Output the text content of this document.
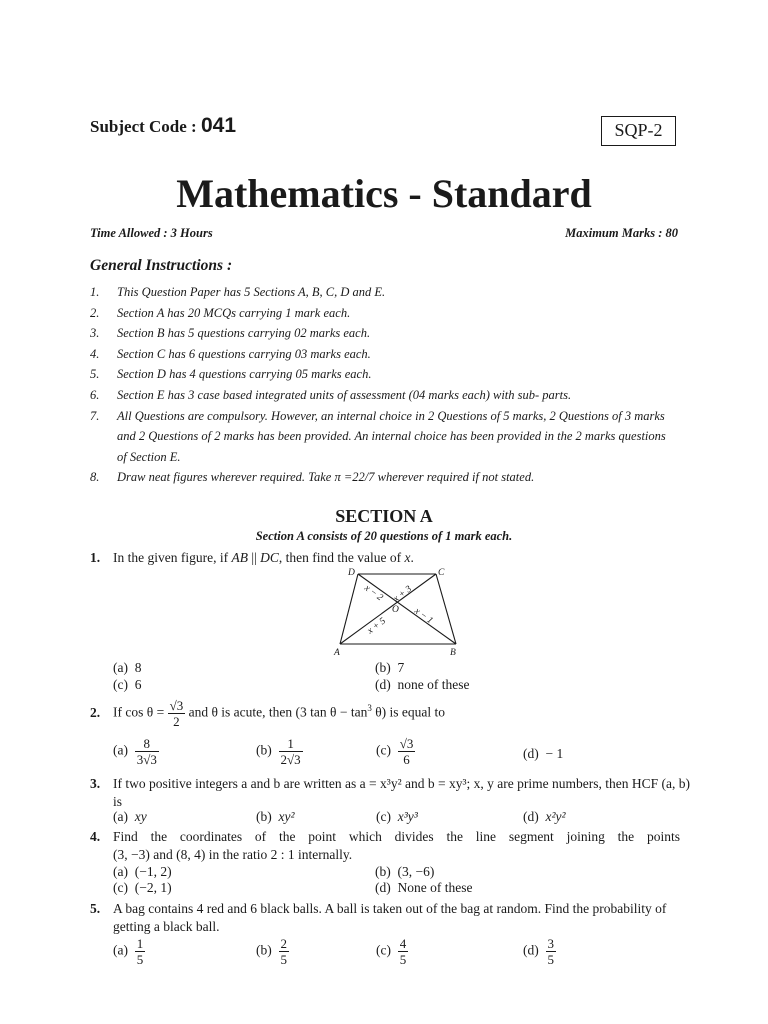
Subject Code : 041	SQP-2
Mathematics - Standard
Time Allowed : 3 Hours	Maximum Marks : 80
General Instructions :
1. This Question Paper has 5 Sections A, B, C, D and E.
2. Section A has 20 MCQs carrying 1 mark each.
3. Section B has 5 questions carrying 02 marks each.
4. Section C has 6 questions carrying 03 marks each.
5. Section D has 4 questions carrying 05 marks each.
6. Section E has 3 case based integrated units of assessment (04 marks each) with sub- parts.
7. All Questions are compulsory. However, an internal choice in 2 Questions of 5 marks, 2 Questions of 3 marks
and 2 Questions of 2 marks has been provided. An internal choice has been provided in the 2 marks questions
of Section E.
8. Draw neat figures wherever required. Take π =22/7 wherever required if not stated.
SECTION A
Section A consists of 20 questions of 1 mark each.
1. In the given figure, if AB || DC, then find the value of x.
D	C
A	B
O
x − 2 x + 3
x − 1
x + 5
(a) 8	(b) 7
(c) 6	(d) none of these
2. If $\cos \theta = \frac{√3}{2}$ and θ is acute, then (3 $\tan \theta - \tan^3 \theta$) is equal to
$(a) \frac{8}{3√3}$	$(b) \frac{1}{2√3}$	$(c) \frac{√3}{6}$	(d) − 1
3. If two positive integers a and b are written as a = x³y² and b = xy³; x, y are prime numbers, then HCF (a, b)
is
(a) xy	(b) xy²	(c) x³y³	(d) x²y²
4. Find the coordinates of the point which divides the line segment joining the points
(3, −3) and (8, 4) in the ratio 2 : 1 internally.
(a) (−1, 2)	(b) (3, −6)
(c) (−2, 1)	(d) None of these
5. A bag contains 4 red and 6 black balls. A ball is taken out of the bag at random. Find the probability of
getting a black ball.
$(a) \frac{1}{5}$	$(b) \frac{2}{5}$	$(c) \frac{4}{5}$	$(d) \frac{3}{5}$
